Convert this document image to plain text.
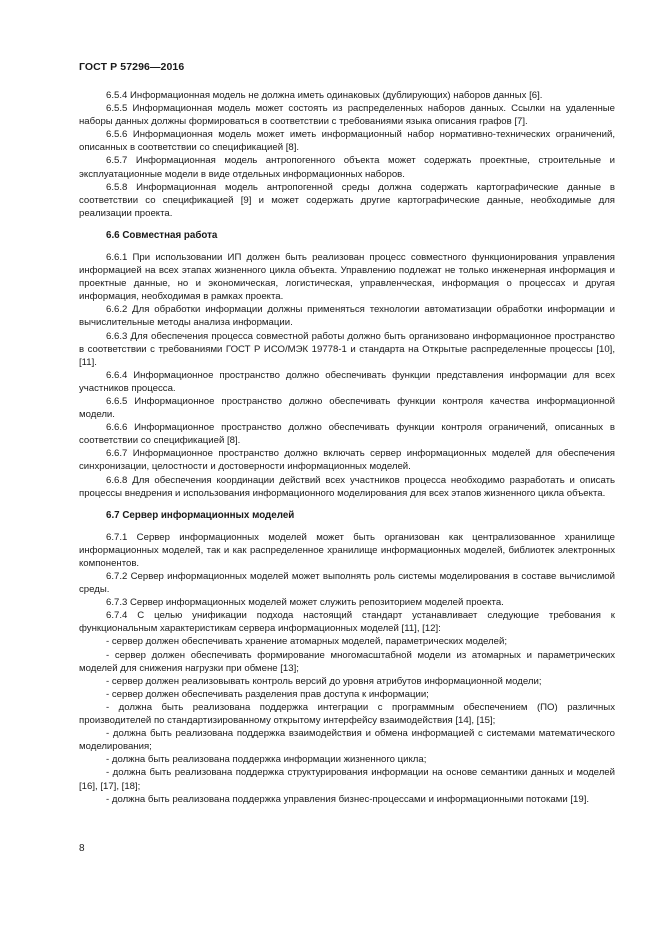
ГОСТ Р 57296—2016

6.5.4 Информационная модель не должна иметь одинаковых (дублирующих) наборов данных [6].

6.5.5 Информационная модель может состоять из распределенных наборов данных. Ссылки на удаленные наборы данных должны формироваться в соответствии с требованиями языка описания графов [7].

6.5.6 Информационная модель может иметь информационный набор нормативно-технических ограничений, описанных в соответствии со спецификацией [8].

6.5.7 Информационная модель антропогенного объекта может содержать проектные, строительные и эксплуатационные модели в виде отдельных информационных наборов.

6.5.8 Информационная модель антропогенной среды должна содержать картографические данные в соответствии со спецификацией [9] и может содержать другие картографические данные, необходимые для реализации проекта.

6.6 Совместная работа

6.6.1 При использовании ИП должен быть реализован процесс совместного функционирования управления информацией на всех этапах жизненного цикла объекта. Управлению подлежат не только инженерная информация и проектные данные, но и экономическая, логистическая, управленческая, информация о процессах и другая информация, необходимая в рамках проекта.

6.6.2 Для обработки информации должны применяться технологии автоматизации обработки информации и вычислительные методы анализа информации.

6.6.3 Для обеспечения процесса совместной работы должно быть организовано информационное пространство в соответствии с требованиями ГОСТ Р ИСО/МЭК 19778-1 и стандарта на Открытые распределенные процессы [10], [11].

6.6.4 Информационное пространство должно обеспечивать функции представления информации для всех участников процесса.

6.6.5 Информационное пространство должно обеспечивать функции контроля качества информационной модели.

6.6.6 Информационное пространство должно обеспечивать функции контроля ограничений, описанных в соответствии со спецификацией [8].

6.6.7 Информационное пространство должно включать сервер информационных моделей для обеспечения синхронизации, целостности и достоверности информационных моделей.

6.6.8 Для обеспечения координации действий всех участников процесса необходимо разработать и описать процессы внедрения и использования информационного моделирования для всех этапов жизненного цикла объекта.

6.7 Сервер информационных моделей

6.7.1 Сервер информационных моделей может быть организован как централизованное хранилище информационных моделей, так и как распределенное хранилище информационных моделей, библиотек электронных компонентов.

6.7.2 Сервер информационных моделей может выполнять роль системы моделирования в составе вычислимой среды.

6.7.3 Сервер информационных моделей может служить репозиторием моделей проекта.

6.7.4 С целью унификации подхода настоящий стандарт устанавливает следующие требования к функциональным характеристикам сервера информационных моделей [11], [12]:

- сервер должен обеспечивать хранение атомарных моделей, параметрических моделей;

- сервер должен обеспечивать формирование многомасштабной модели из атомарных и параметрических моделей для снижения нагрузки при обмене [13];

- сервер должен реализовывать контроль версий до уровня атрибутов информационной модели;

- сервер должен обеспечивать разделения прав доступа к информации;

- должна быть реализована поддержка интеграции с программным обеспечением (ПО) различных производителей по стандартизированному открытому интерфейсу взаимодействия [14], [15];

- должна быть реализована поддержка взаимодействия и обмена информацией с системами математического моделирования;

- должна быть реализована поддержка информации жизненного цикла;

- должна быть реализована поддержка структурирования информации на основе семантики данных и моделей [16], [17], [18];

- должна быть реализована поддержка управления бизнес-процессами и информационными потоками [19].

8
